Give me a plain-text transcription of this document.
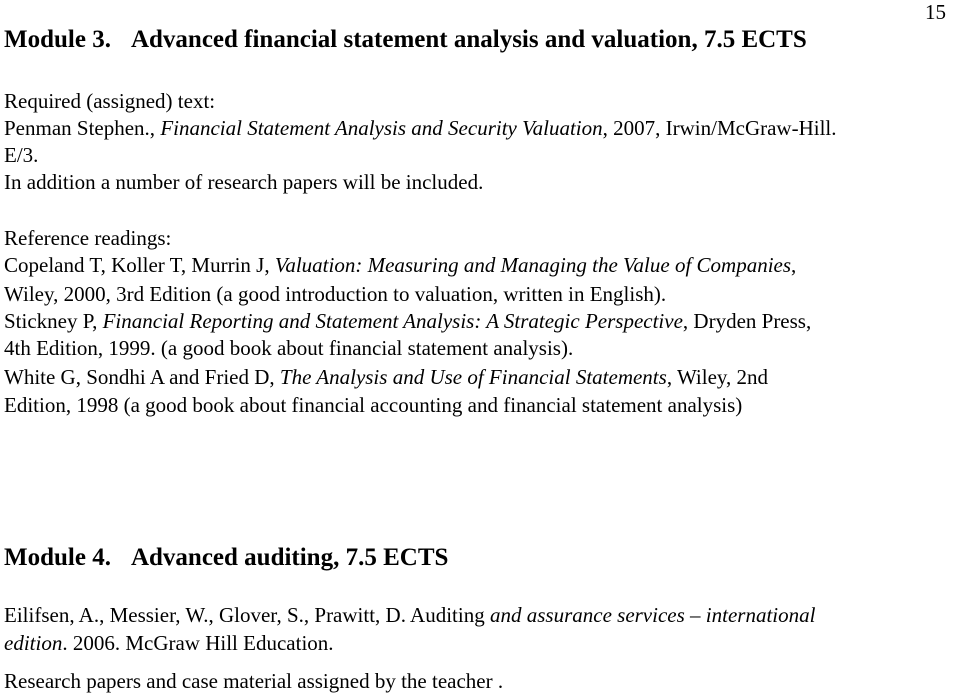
15
Module 3. Advanced financial statement analysis and valuation, 7.5 ECTS
Required (assigned) text:
Penman Stephen., Financial Statement Analysis and Security Valuation, 2007, Irwin/McGraw-Hill.
E/3.
In addition a number of research papers will be included.
Reference readings:
Copeland T, Koller T, Murrin J, Valuation: Measuring and Managing the Value of Companies,
Wiley, 2000, 3rd Edition (a good introduction to valuation, written in English).
Stickney P, Financial Reporting and Statement Analysis: A Strategic Perspective, Dryden Press,
4th Edition, 1999. (a good book about financial statement analysis).
White G, Sondhi A and Fried D, The Analysis and Use of Financial Statements, Wiley, 2nd
Edition, 1998 (a good book about financial accounting and financial statement analysis)
Module 4. Advanced auditing, 7.5 ECTS
Eilifsen, A., Messier, W., Glover, S., Prawitt, D. Auditing and assurance services – international
edition. 2006. McGraw Hill Education.
Research papers and case material assigned by the teacher .
